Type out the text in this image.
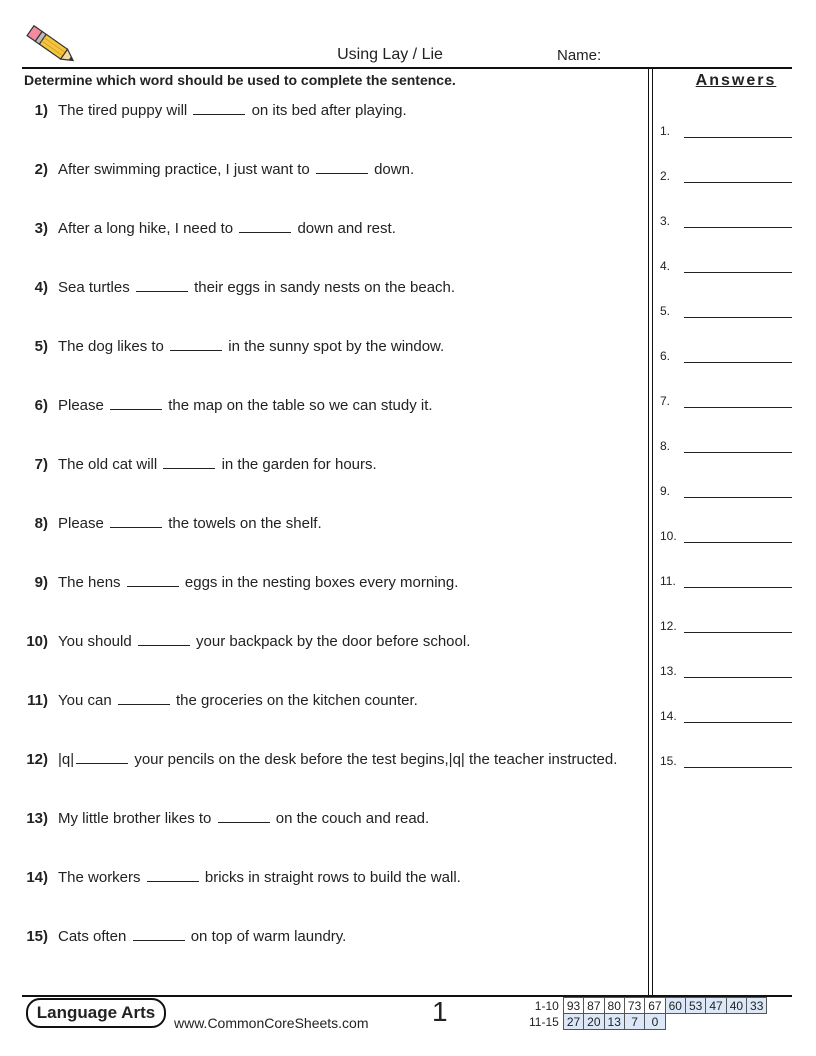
Using Lay / Lie	Name:
Determine which word should be used to complete the sentence.
1) The tired puppy will	on its bed after playing.
2) After swimming practice, I just want to	down.
3) After a long hike, I need to	down and rest.
4) Sea turtles	their eggs in sandy nests on the beach.
5) The dog likes to	in the sunny spot by the window.
6) Please	the map on the table so we can study it.
7) The old cat will	in the garden for hours.
8) Please	the towels on the shelf.
9) The hens	eggs in the nesting boxes every morning.
10) You should	your backpack by the door before school.
11) You can	the groceries on the kitchen counter.
12) |q|	your pencils on the desk before the test begins,|q| the teacher instructed.
13) My little brother likes to	on the couch and read.
14) The workers	bricks in straight rows to build the wall.
15) Cats often	on top of warm laundry.
Answers
1.
2.
3.
4.
5.
6.
7.
8.
9.
10.
11.
12.
13.
14.
15.
Language Arts
www.CommonCoreSheets.com 1	1-10	93	87	80	73	67	60	53	47	40	33
11-15	27	20	13	7	0					
